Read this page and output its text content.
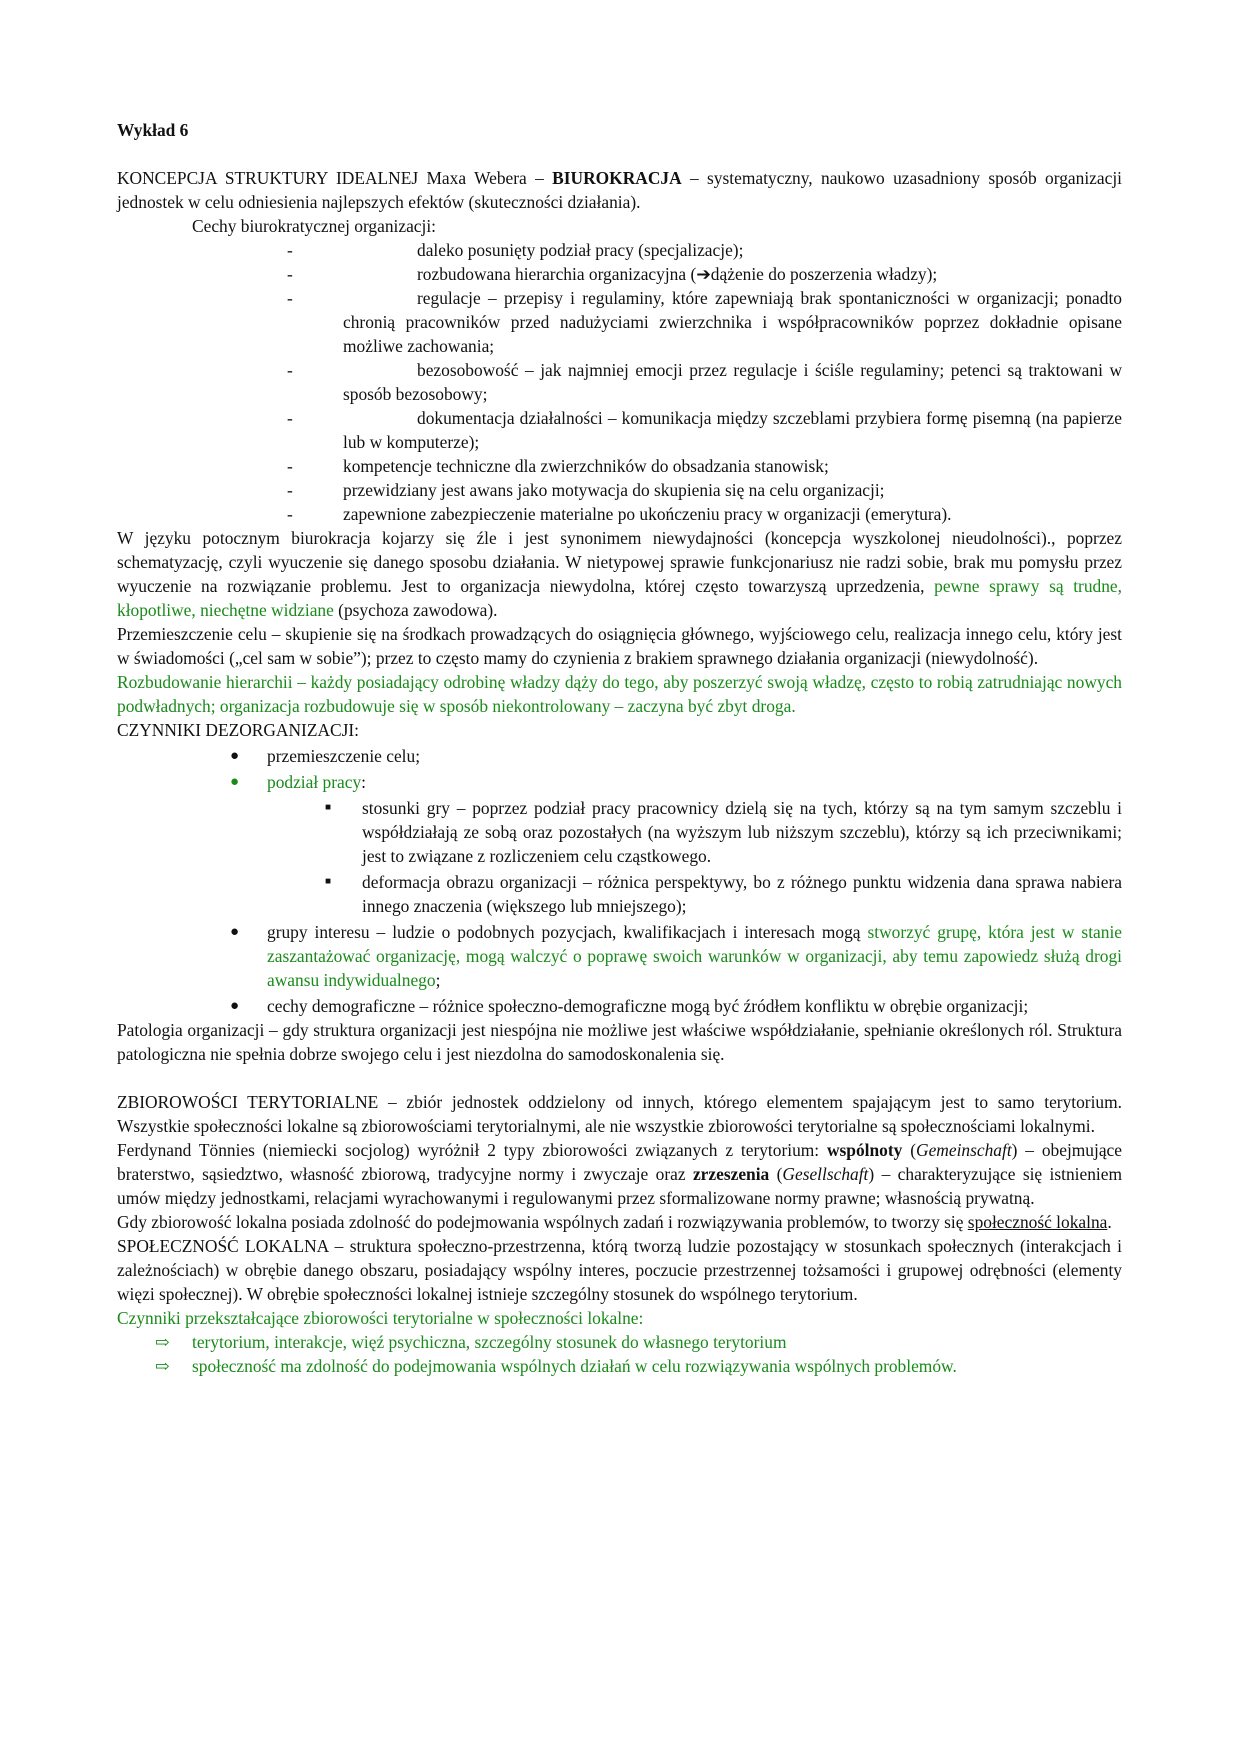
Wykład 6

KONCEPCJA STRUKTURY IDEALNEJ Maxa Webera – BIUROKRACJA – systematyczny, naukowo uzasadniony sposób organizacji jednostek w celu odniesienia najlepszych efektów (skuteczności działania).

Cechy biurokratycznej organizacji:

-	daleko posunięty podział pracy (specjalizacje);
-	rozbudowana hierarchia organizacyjna (➔dążenie do poszerzenia władzy);
-	regulacje – przepisy i regulaminy, które zapewniają brak spontaniczności w organizacji; ponadto chronią pracowników przed nadużyciami zwierzchnika i współpracowników poprzez dokładnie opisane możliwe zachowania;
-	bezosobowość – jak najmniej emocji przez regulacje i ściśle regulaminy; petenci są traktowani w sposób bezosobowy;
-	dokumentacja działalności – komunikacja między szczeblami przybiera formę pisemną (na papierze lub w komputerze);
-	kompetencje techniczne dla zwierzchników do obsadzania stanowisk;
-	przewidziany jest awans jako motywacja do skupienia się na celu organizacji;
-	zapewnione zabezpieczenie materialne po ukończeniu pracy w organizacji (emerytura).

W języku potocznym biurokracja kojarzy się źle i jest synonimem niewydajności (koncepcja wyszkolonej nieudolności)., poprzez schematyzację, czyli wyuczenie się danego sposobu działania. W nietypowej sprawie funkcjonariusz nie radzi sobie, brak mu pomysłu przez wyuczenie na rozwiązanie problemu. Jest to organizacja niewydolna, której często towarzyszą uprzedzenia, pewne sprawy są trudne, kłopotliwe, niechętne widziane (psychoza zawodowa).

Przemieszczenie celu – skupienie się na środkach prowadzących do osiągnięcia głównego, wyjściowego celu, realizacja innego celu, który jest w świadomości („cel sam w sobie”); przez to często mamy do czynienia z brakiem sprawnego działania organizacji (niewydolność).

Rozbudowanie hierarchii – każdy posiadający odrobinę władzy dąży do tego, aby poszerzyć swoją władzę, często to robią zatrudniając nowych podwładnych; organizacja rozbudowuje się w sposób niekontrolowany – zaczyna być zbyt droga.

CZYNNIKI DEZORGANIZACJI:

● przemieszczenie celu;
● podział pracy:
■ stosunki gry – poprzez podział pracy pracownicy dzielą się na tych, którzy są na tym samym szczeblu i współdziałają ze sobą oraz pozostałych (na wyższym lub niższym szczeblu), którzy są ich przeciwnikami; jest to związane z rozliczeniem celu cząstkowego.
■ deformacja obrazu organizacji – różnica perspektywy, bo z różnego punktu widzenia dana sprawa nabiera innego znaczenia (większego lub mniejszego);
● grupy interesu – ludzie o podobnych pozycjach, kwalifikacjach i interesach mogą stworzyć grupę, która jest w stanie zaszantażować organizację, mogą walczyć o poprawę swoich warunków w organizacji, aby temu zapowiedz służą drogi awansu indywidualnego;
● cechy demograficzne – różnice społeczno-demograficzne mogą być źródłem konfliktu w obrębie organizacji;

Patologia organizacji – gdy struktura organizacji jest niespójna nie możliwe jest właściwe współdziałanie, spełnianie określonych ról. Struktura patologiczna nie spełnia dobrze swojego celu i jest niezdolna do samodoskonalenia się.

ZBIOROWOŚCI TERYTORIALNE – zbiór jednostek oddzielony od innych, którego elementem spajającym jest to samo terytorium. Wszystkie społeczności lokalne są zbiorowościami terytorialnymi, ale nie wszystkie zbiorowości terytorialne są społecznościami lokalnymi.

Ferdynand Tönnies (niemiecki socjolog) wyróżnił 2 typy zbiorowości związanych z terytorium: wspólnoty (Gemeinschaft) – obejmujące braterstwo, sąsiedztwo, własność zbiorową, tradycyjne normy i zwyczaje oraz zrzeszenia (Gesellschaft) – charakteryzujące się istnieniem umów między jednostkami, relacjami wyrachowanymi i regulowanymi przez sformalizowane normy prawne; własnością prywatną.

Gdy zbiorowość lokalna posiada zdolność do podejmowania wspólnych zadań i rozwiązywania problemów, to tworzy się społeczność lokalna.

SPOŁECZNOŚĆ LOKALNA – struktura społeczno-przestrzenna, którą tworzą ludzie pozostający w stosunkach społecznych (interakcjach i zależnościach) w obrębie danego obszaru, posiadający wspólny interes, poczucie przestrzennej tożsamości i grupowej odrębności (elementy więzi społecznej). W obrębie społeczności lokalnej istnieje szczególny stosunek do wspólnego terytorium.

Czynniki przekształcające zbiorowości terytorialne w społeczności lokalne:

⇨ terytorium, interakcje, więź psychiczna, szczególny stosunek do własnego terytorium
⇨ społeczność ma zdolność do podejmowania wspólnych działań w celu rozwiązywania wspólnych problemów.
